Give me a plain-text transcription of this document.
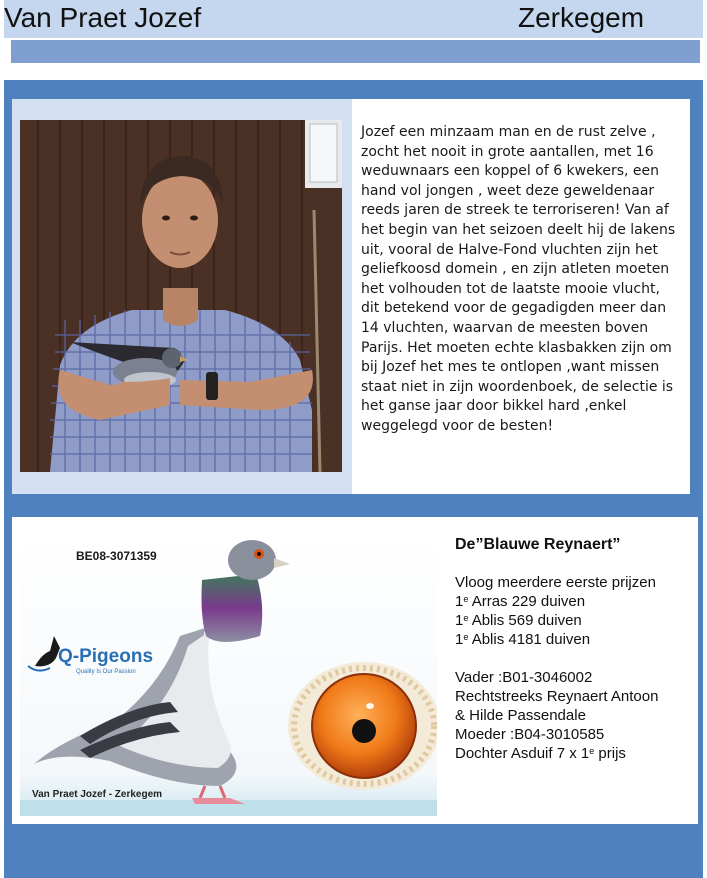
Van Praet Jozef	Zerkegem

Jozef een minzaam man en de rust zelve , zocht het nooit in grote aantallen, met 16 weduwnaars een koppel of 6 kwekers, een hand vol jongen , weet deze geweldenaar reeds jaren de streek te terroriseren! Van af het begin van het seizoen deelt hij de lakens uit, vooral de Halve-Fond vluchten zijn het geliefkoosd domein , en zijn atleten moeten het volhouden tot de laatste mooie vlucht, dit betekend voor de gegadigden meer dan 14 vluchten, waarvan de meesten boven Parijs. Het moeten echte klasbakken zijn om bij Jozef het mes te ontlopen ,want missen staat niet in zijn woordenboek, de selectie is het ganse jaar door bikkel hard ,enkel weggelegd voor de besten!

BE08-3071359
Q-Pigeons
Quality Is Our Passion
Van Praet Jozef - Zerkegem
De”Blauwe Reynaert”
Vloog meerdere eerste prijzen
1e Arras 229 duiven
1e Ablis 569 duiven
1e Ablis 4181 duiven
Vader :B01-3046002
Rechtstreeks Reynaert Antoon
& Hilde Passendale
Moeder :B04-3010585
Dochter Asduif 7 x 1e prijs
